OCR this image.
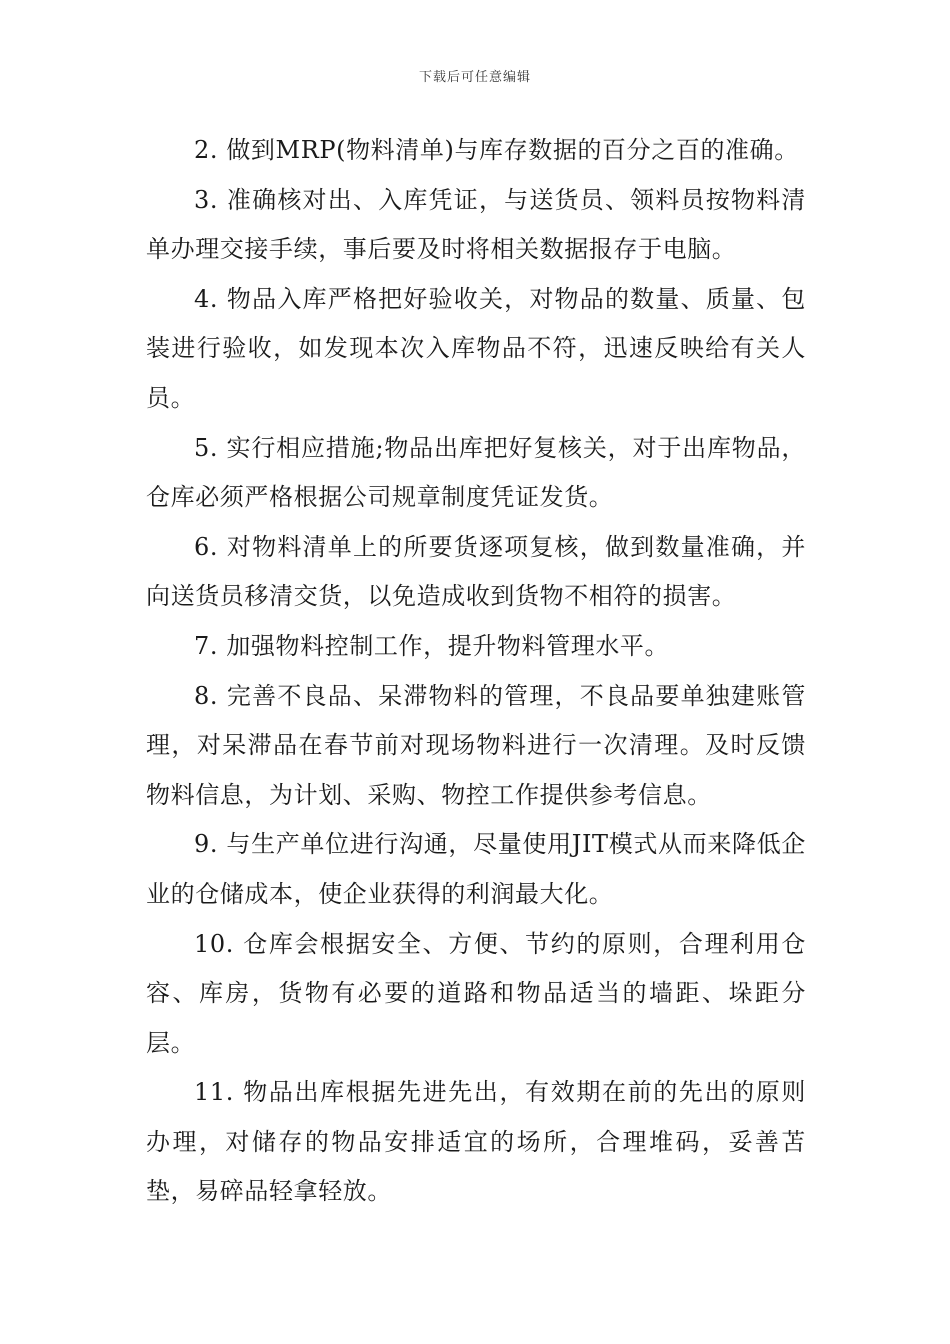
下载后可任意编辑

2. 做到MRP(物料清单)与库存数据的百分之百的准确。

3. 准确核对出、入库凭证，与送货员、领料员按物料清单办理交接手续，事后要及时将相关数据报存于电脑。

4. 物品入库严格把好验收关，对物品的数量、质量、包装进行验收，如发现本次入库物品不符，迅速反映给有关人员。

5. 实行相应措施;物品出库把好复核关，对于出库物品，仓库必须严格根据公司规章制度凭证发货。

6. 对物料清单上的所要货逐项复核，做到数量准确，并向送货员移清交货，以免造成收到货物不相符的损害。

7. 加强物料控制工作，提升物料管理水平。

8. 完善不良品、呆滞物料的管理，不良品要单独建账管理，对呆滞品在春节前对现场物料进行一次清理。及时反馈物料信息，为计划、采购、物控工作提供参考信息。

9. 与生产单位进行沟通，尽量使用JIT模式从而来降低企业的仓储成本，使企业获得的利润最大化。

10. 仓库会根据安全、方便、节约的原则，合理利用仓容、库房，货物有必要的道路和物品适当的墙距、垛距分层。

11. 物品出库根据先进先出，有效期在前的先出的原则办理，对储存的物品安排适宜的场所，合理堆码，妥善苫垫，易碎品轻拿轻放。
